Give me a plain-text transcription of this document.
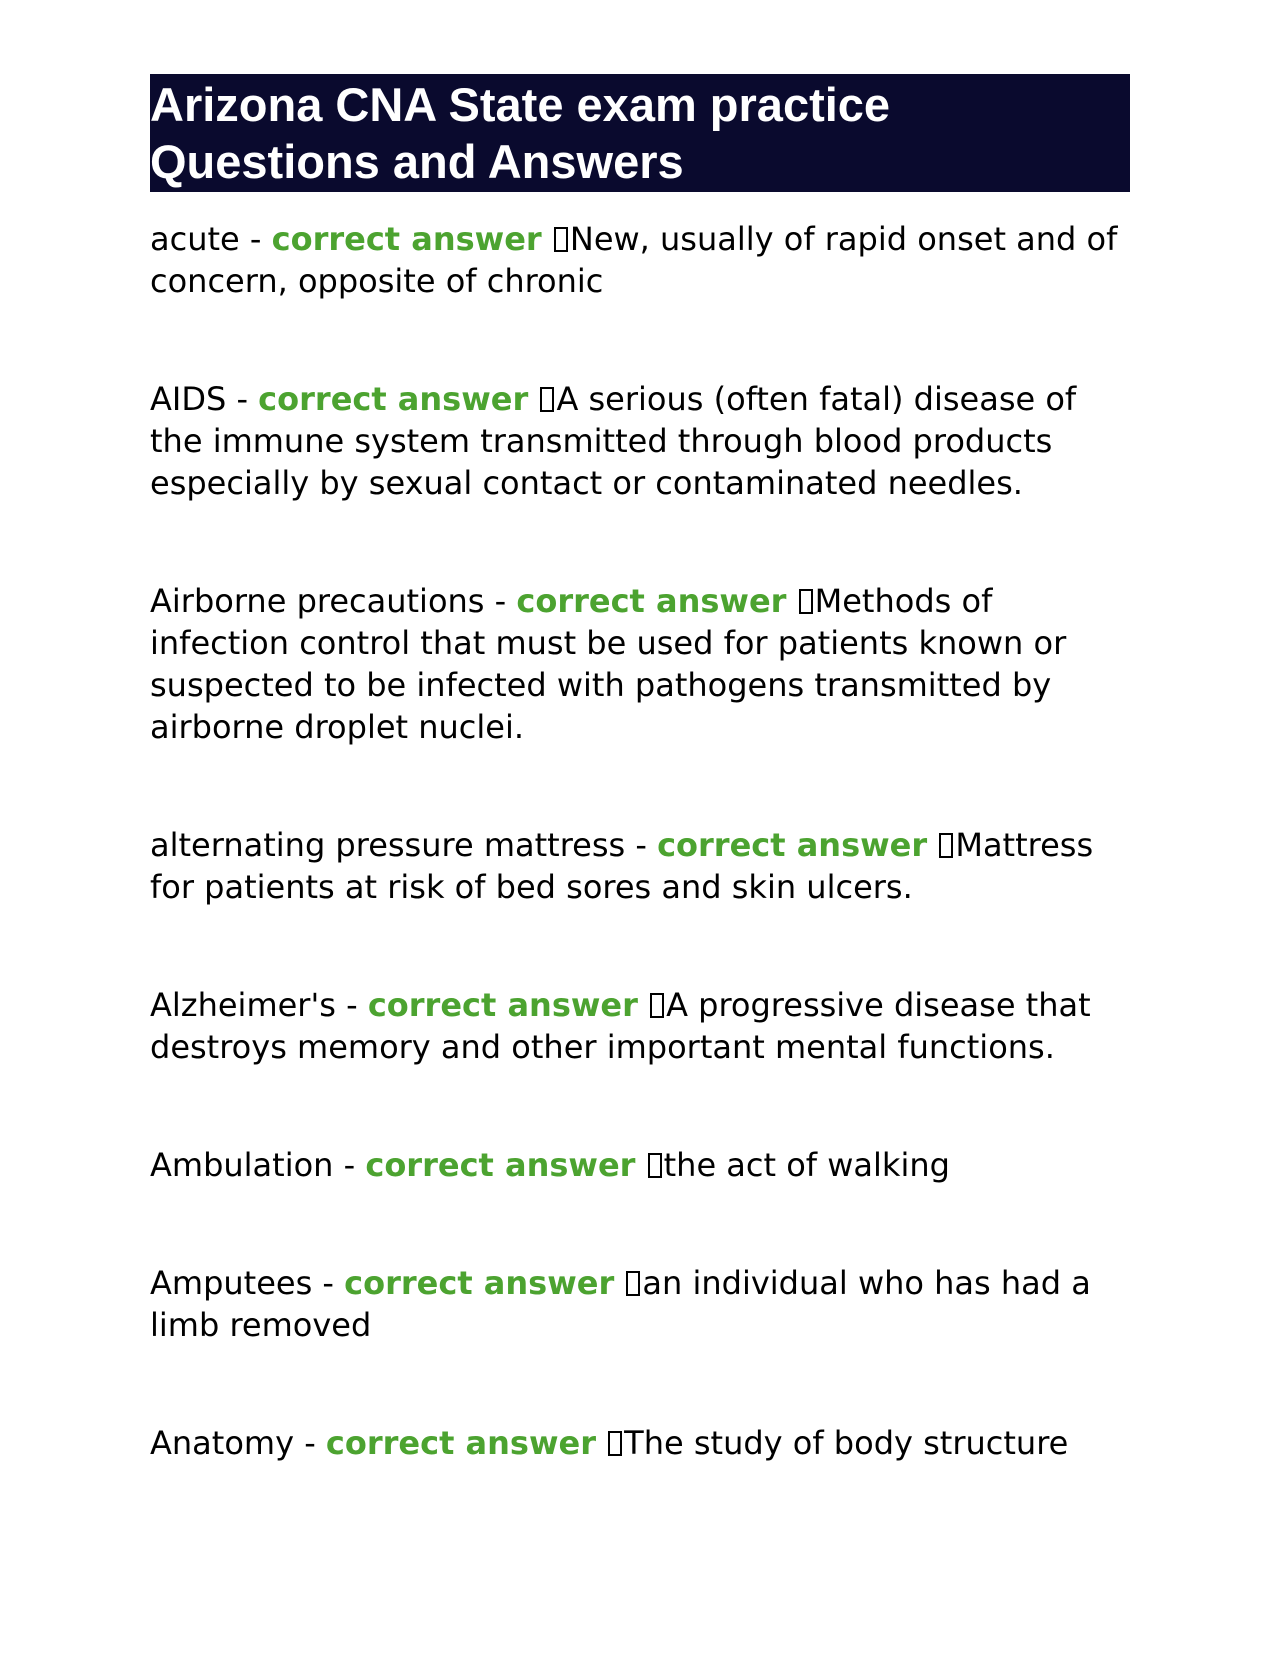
Arizona CNA State exam practice Questions and Answers

acute - correct answer New, usually of rapid onset and of concern, opposite of chronic

AIDS - correct answer A serious (often fatal) disease of the immune system transmitted through blood products especially by sexual contact or contaminated needles.

Airborne precautions - correct answer Methods of infection control that must be used for patients known or suspected to be infected with pathogens transmitted by airborne droplet nuclei.

alternating pressure mattress - correct answer Mattress for patients at risk of bed sores and skin ulcers.

Alzheimer's - correct answer A progressive disease that destroys memory and other important mental functions.

Ambulation - correct answer the act of walking

Amputees - correct answer an individual who has had a limb removed

Anatomy - correct answer The study of body structure
